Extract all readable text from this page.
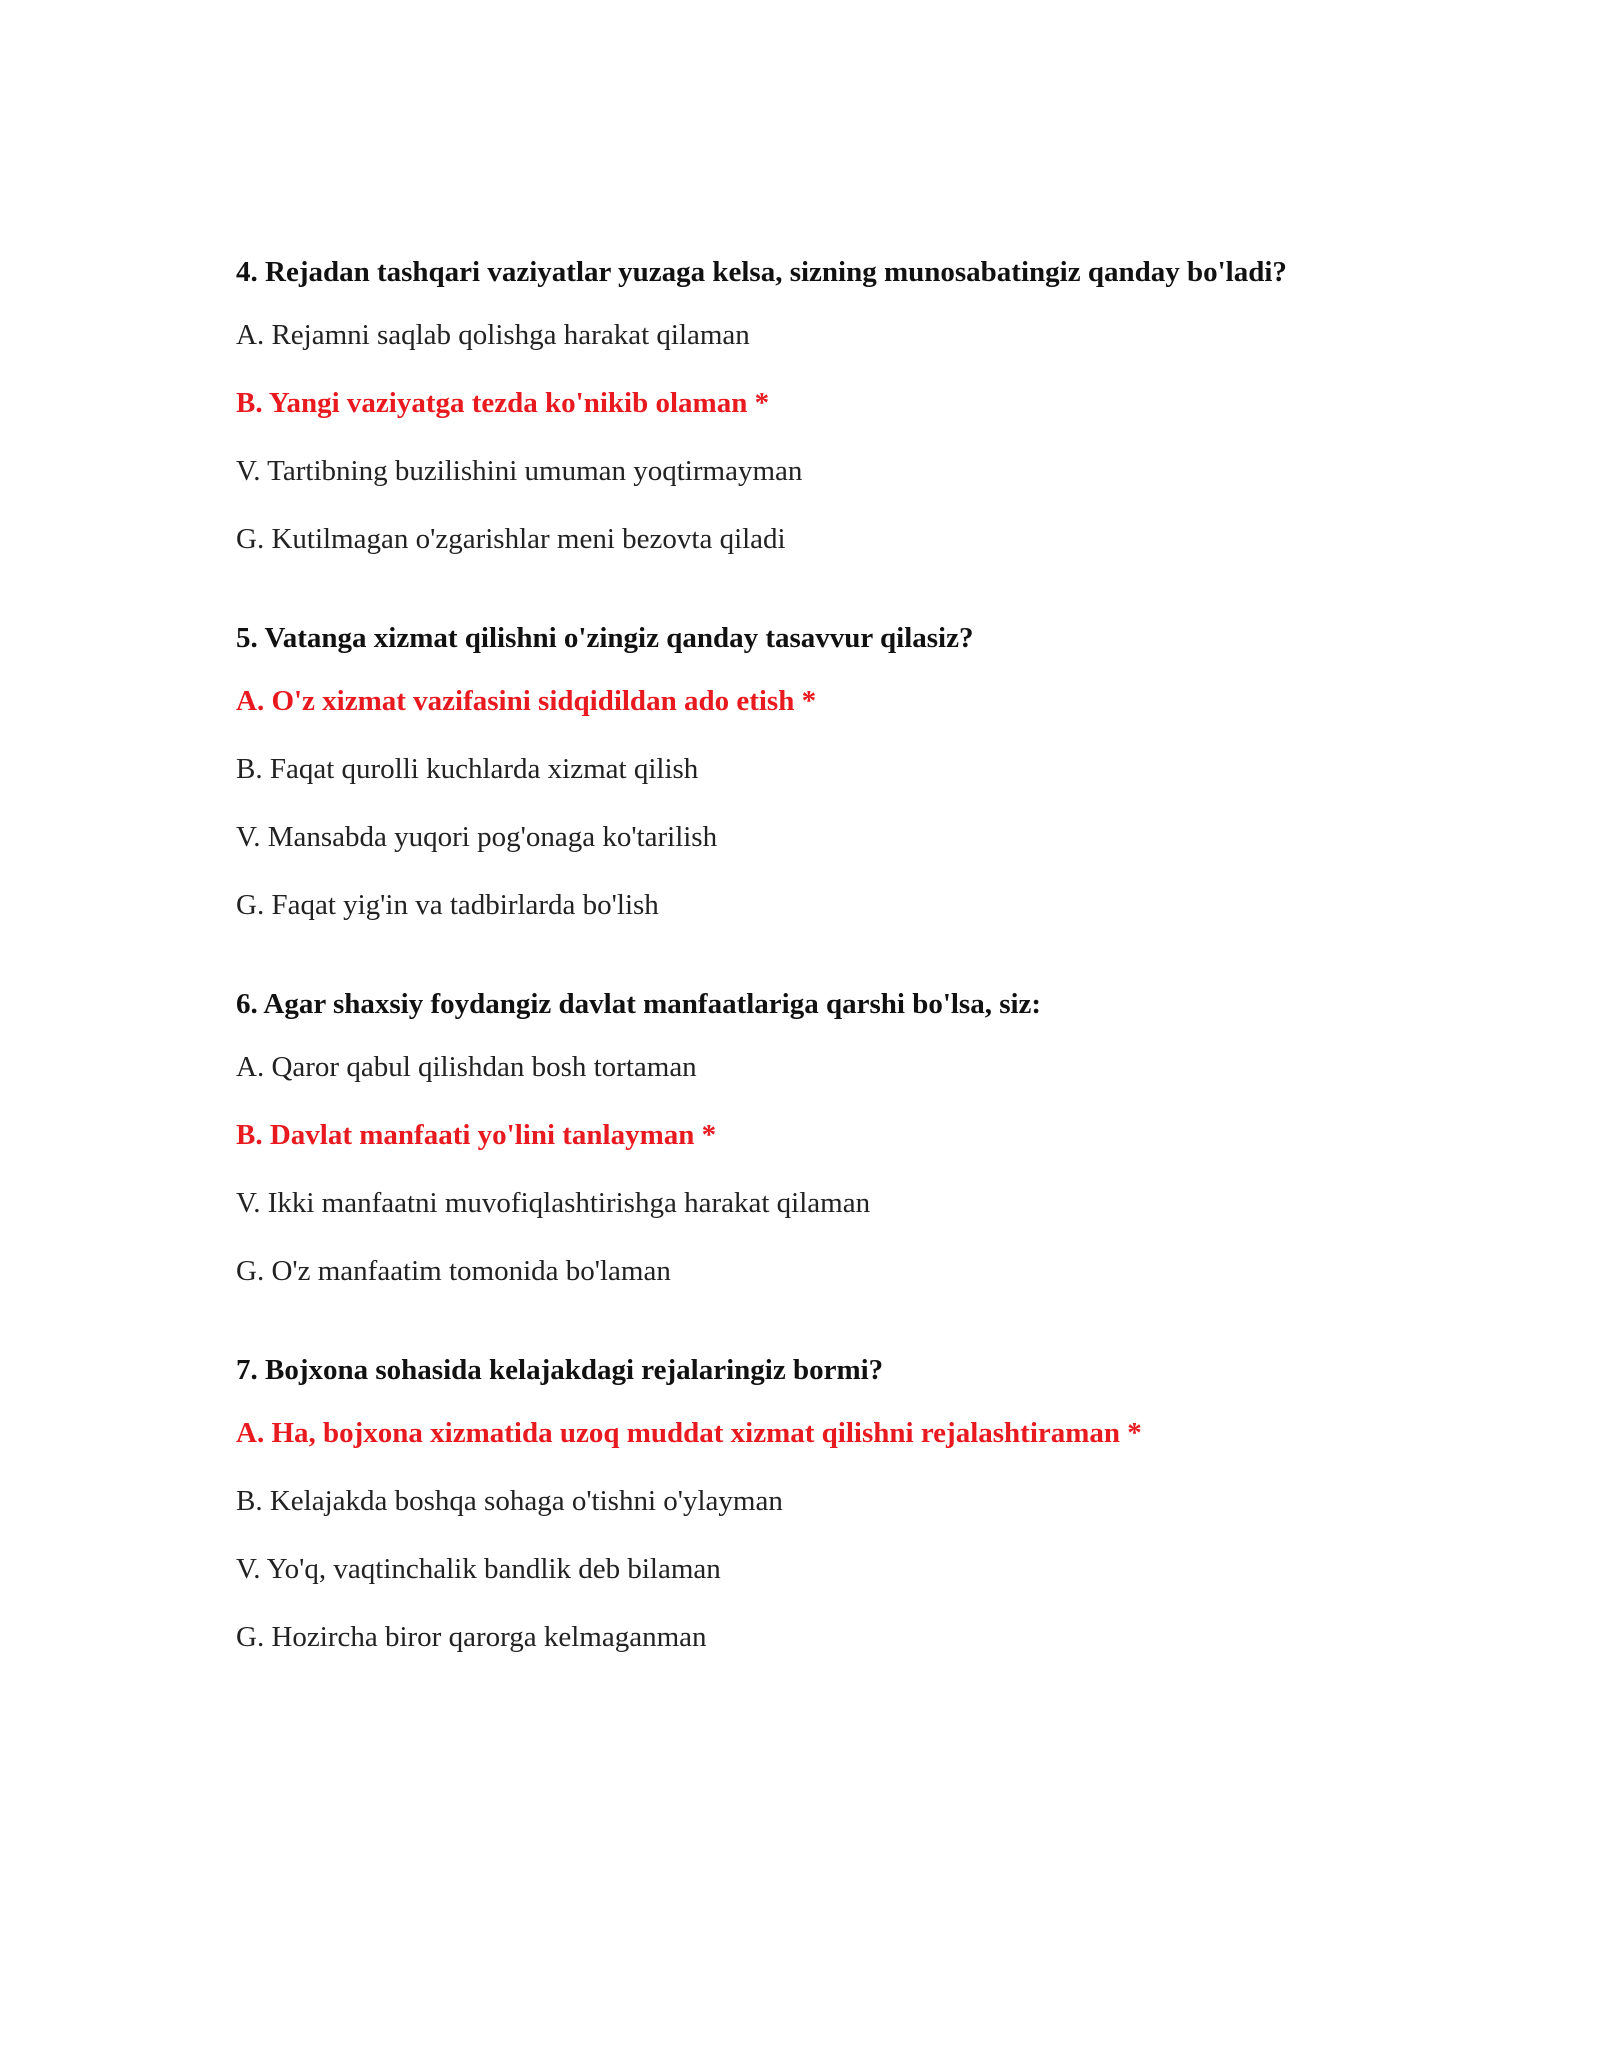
4. Rejadan tashqari vaziyatlar yuzaga kelsa, sizning munosabatingiz qanday bo'ladi?
A. Rejamni saqlab qolishga harakat qilaman
B. Yangi vaziyatga tezda ko'nikib olaman *
V. Tartibning buzilishini umuman yoqtirmayman
G. Kutilmagan o'zgarishlar meni bezovta qiladi
5. Vatanga xizmat qilishni o'zingiz qanday tasavvur qilasiz?
A. O'z xizmat vazifasini sidqidildan ado etish *
B. Faqat qurolli kuchlarda xizmat qilish
V. Mansabda yuqori pog'onaga ko'tarilish
G. Faqat yig'in va tadbirlarda bo'lish
6. Agar shaxsiy foydangiz davlat manfaatlariga qarshi bo'lsa, siz:
A. Qaror qabul qilishdan bosh tortaman
B. Davlat manfaati yo'lini tanlayman *
V. Ikki manfaatni muvofiqlashtirishga harakat qilaman
G. O'z manfaatim tomonida bo'laman
7. Bojxona sohasida kelajakdagi rejalaringiz bormi?
A. Ha, bojxona xizmatida uzoq muddat xizmat qilishni rejalashtiraman *
B. Kelajakda boshqa sohaga o'tishni o'ylayman
V. Yo'q, vaqtinchalik bandlik deb bilaman
G. Hozircha biror qarorga kelmaganman
